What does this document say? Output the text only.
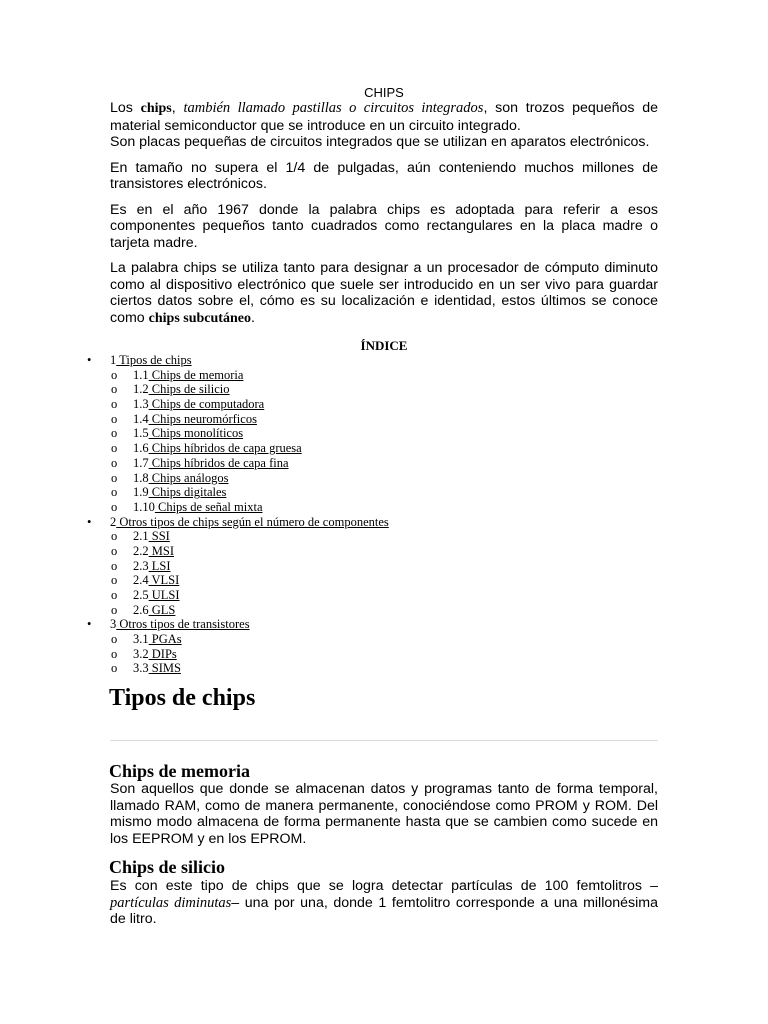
CHIPS

Los chips, también llamado pastillas o circuitos integrados, son trozos pequeños de material semiconductor que se introduce en un circuito integrado.

Son placas pequeñas de circuitos integrados que se utilizan en aparatos electrónicos.

En tamaño no supera el 1/4 de pulgadas, aún conteniendo muchos millones de transistores electrónicos.

Es en el año 1967 donde la palabra chips es adoptada para referir a esos componentes pequeños tanto cuadrados como rectangulares en la placa madre o tarjeta madre.

La palabra chips se utiliza tanto para designar a un procesador de cómputo diminuto como al dispositivo electrónico que suele ser introducido en un ser vivo para guardar ciertos datos sobre el, cómo es su localización e identidad, estos últimos se conoce como chips subcutáneo.

ÍNDICE
• 1 Tipos de chips
o 1.1 Chips de memoria
o 1.2 Chips de silicio
o 1.3 Chips de computadora
o 1.4 Chips neuromórficos
o 1.5 Chips monolíticos
o 1.6 Chips híbridos de capa gruesa
o 1.7 Chips híbridos de capa fina
o 1.8 Chips análogos
o 1.9 Chips digitales
o 1.10 Chips de señal mixta
• 2 Otros tipos de chips según el número de componentes
o 2.1 SSI
o 2.2 MSI
o 2.3 LSI
o 2.4 VLSI
o 2.5 ULSI
o 2.6 GLS
• 3 Otros tipos de transistores
o 3.1 PGAs
o 3.2 DIPs
o 3.3 SIMS
Tipos de chips
Chips de memoria

Son aquellos que donde se almacenan datos y programas tanto de forma temporal, llamado RAM, como de manera permanente, conociéndose como PROM y ROM. Del mismo modo almacena de forma permanente hasta que se cambien como sucede en los EEPROM y en los EPROM.

Chips de silicio

Es con este tipo de chips que se logra detectar partículas de 100 femtolitros – partículas diminutas– una por una, donde 1 femtolitro corresponde a una millonésima de litro.
